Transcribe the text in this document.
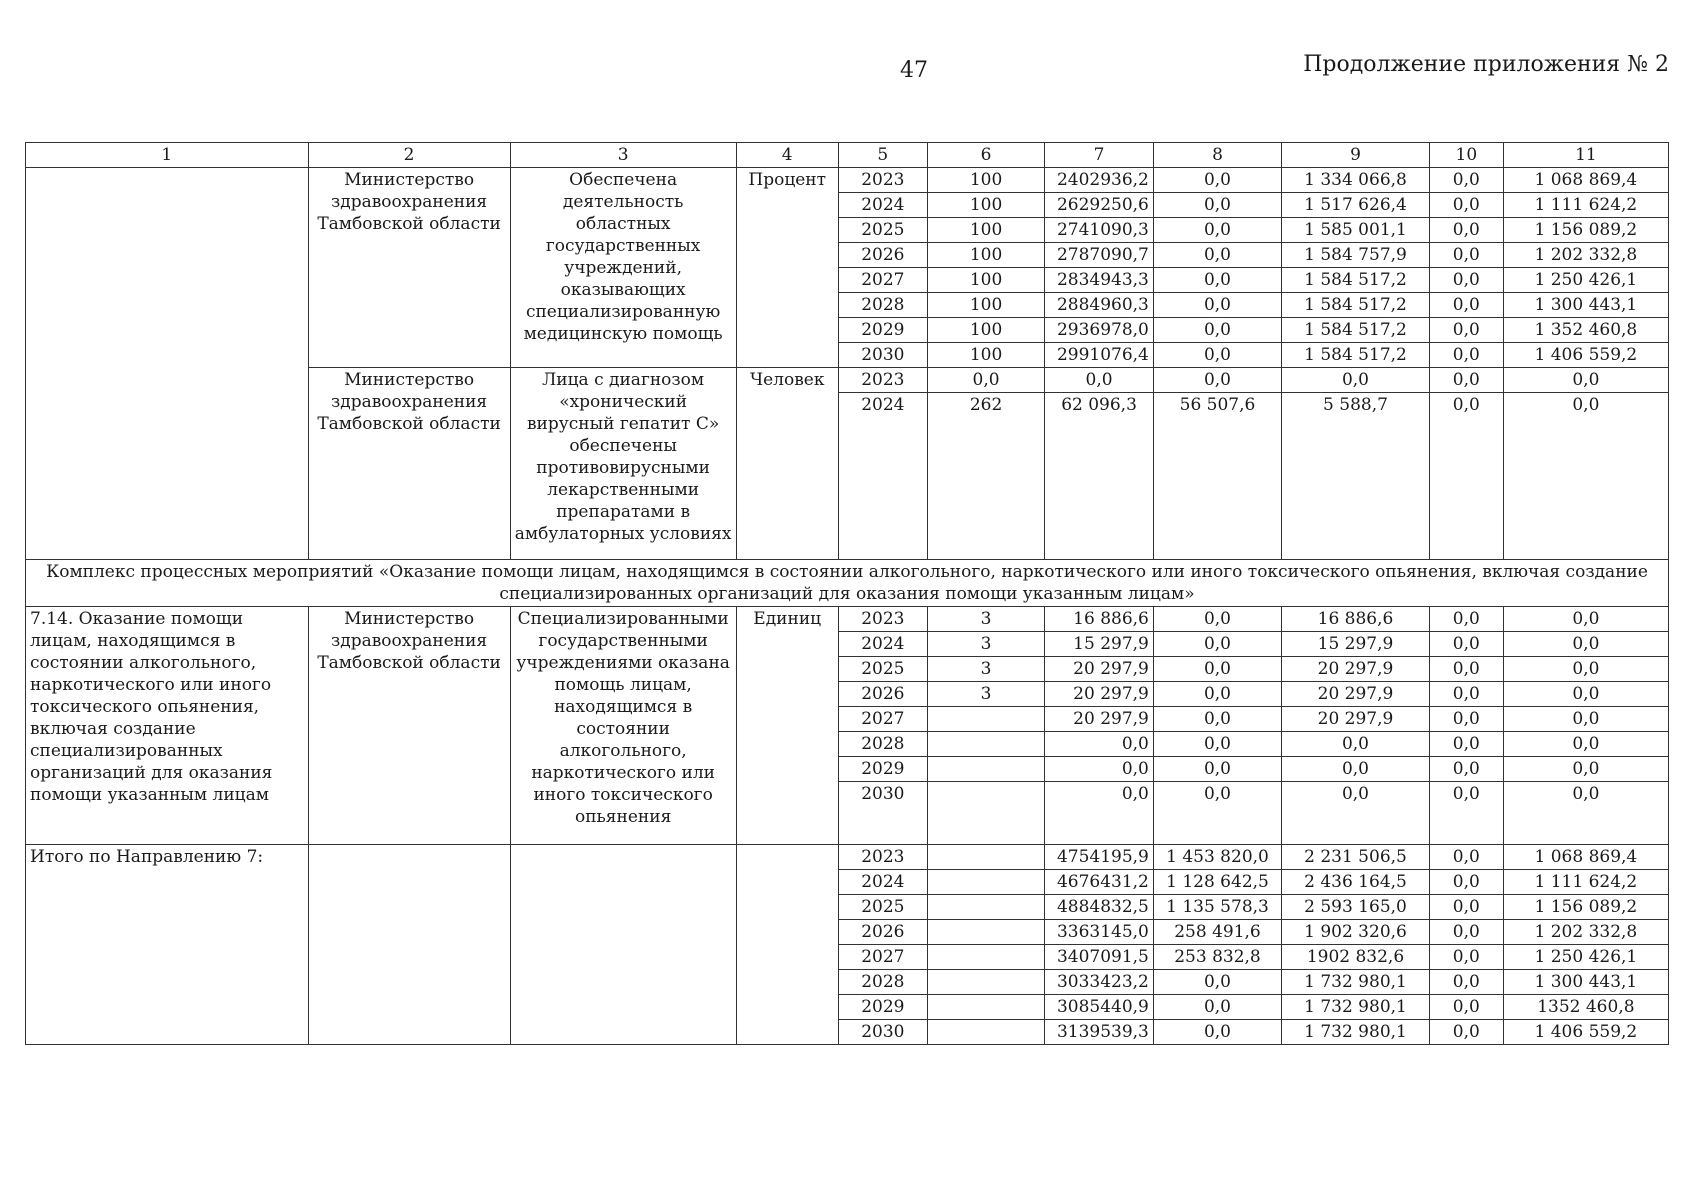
47	Продолжение приложения № 2
1	2	3	4	5	6	7	8	9	10	11
	Министерство здравоохранения Тамбовской области	Обеспечена деятельность областных государственных учреждений, оказывающих специализированную медицинскую помощь	Процент	2023	100	2402936,2	0,0	1 334 066,8	0,0	1 068 869,4
				2024	100	2629250,6	0,0	1 517 626,4	0,0	1 111 624,2
				2025	100	2741090,3	0,0	1 585 001,1	0,0	1 156 089,2
				2026	100	2787090,7	0,0	1 584 757,9	0,0	1 202 332,8
				2027	100	2834943,3	0,0	1 584 517,2	0,0	1 250 426,1
				2028	100	2884960,3	0,0	1 584 517,2	0,0	1 300 443,1
				2029	100	2936978,0	0,0	1 584 517,2	0,0	1 352 460,8
				2030	100	2991076,4	0,0	1 584 517,2	0,0	1 406 559,2
	Министерство здравоохранения Тамбовской области	Лица с диагнозом «хронический вирусный гепатит С» обеспечены противовирусными лекарственными препаратами в амбулаторных условиях	Человек	2023	0,0	0,0	0,0	0,0	0,0	0,0
				2024	262	62 096,3	56 507,6	5 588,7	0,0	0,0
Комплекс процессных мероприятий «Оказание помощи лицам, находящимся в состоянии алкогольного, наркотического или иного токсического опьянения, включая создание специализированных организаций для оказания помощи указанным лицам»										
7.14. Оказание помощи лицам, находящимся в состоянии алкогольного, наркотического или иного токсического опьянения, включая создание специализированных организаций для оказания помощи указанным лицам	Министерство здравоохранения Тамбовской области	Специализированными государственными учреждениями оказана помощь лицам, находящимся в состоянии алкогольного, наркотического или иного токсического опьянения	Единиц	2023	3	16 886,6	0,0	16 886,6	0,0	0,0
				2024	3	15 297,9	0,0	15 297,9	0,0	0,0
				2025	3	20 297,9	0,0	20 297,9	0,0	0,0
				2026	3	20 297,9	0,0	20 297,9	0,0	0,0
				2027		20 297,9	0,0	20 297,9	0,0	0,0
				2028		0,0	0,0	0,0	0,0	0,0
				2029		0,0	0,0	0,0	0,0	0,0
				2030		0,0	0,0	0,0	0,0	0,0
Итого по Направлению 7:				2023		4754195,9	1 453 820,0	2 231 506,5	0,0	1 068 869,4
				2024		4676431,2	1 128 642,5	2 436 164,5	0,0	1 111 624,2
				2025		4884832,5	1 135 578,3	2 593 165,0	0,0	1 156 089,2
				2026		3363145,0	258 491,6	1 902 320,6	0,0	1 202 332,8
				2027		3407091,5	253 832,8	1902 832,6	0,0	1 250 426,1
				2028		3033423,2	0,0	1 732 980,1	0,0	1 300 443,1
				2029		3085440,9	0,0	1 732 980,1	0,0	1352 460,8
				2030		3139539,3	0,0	1 732 980,1	0,0	1 406 559,2
